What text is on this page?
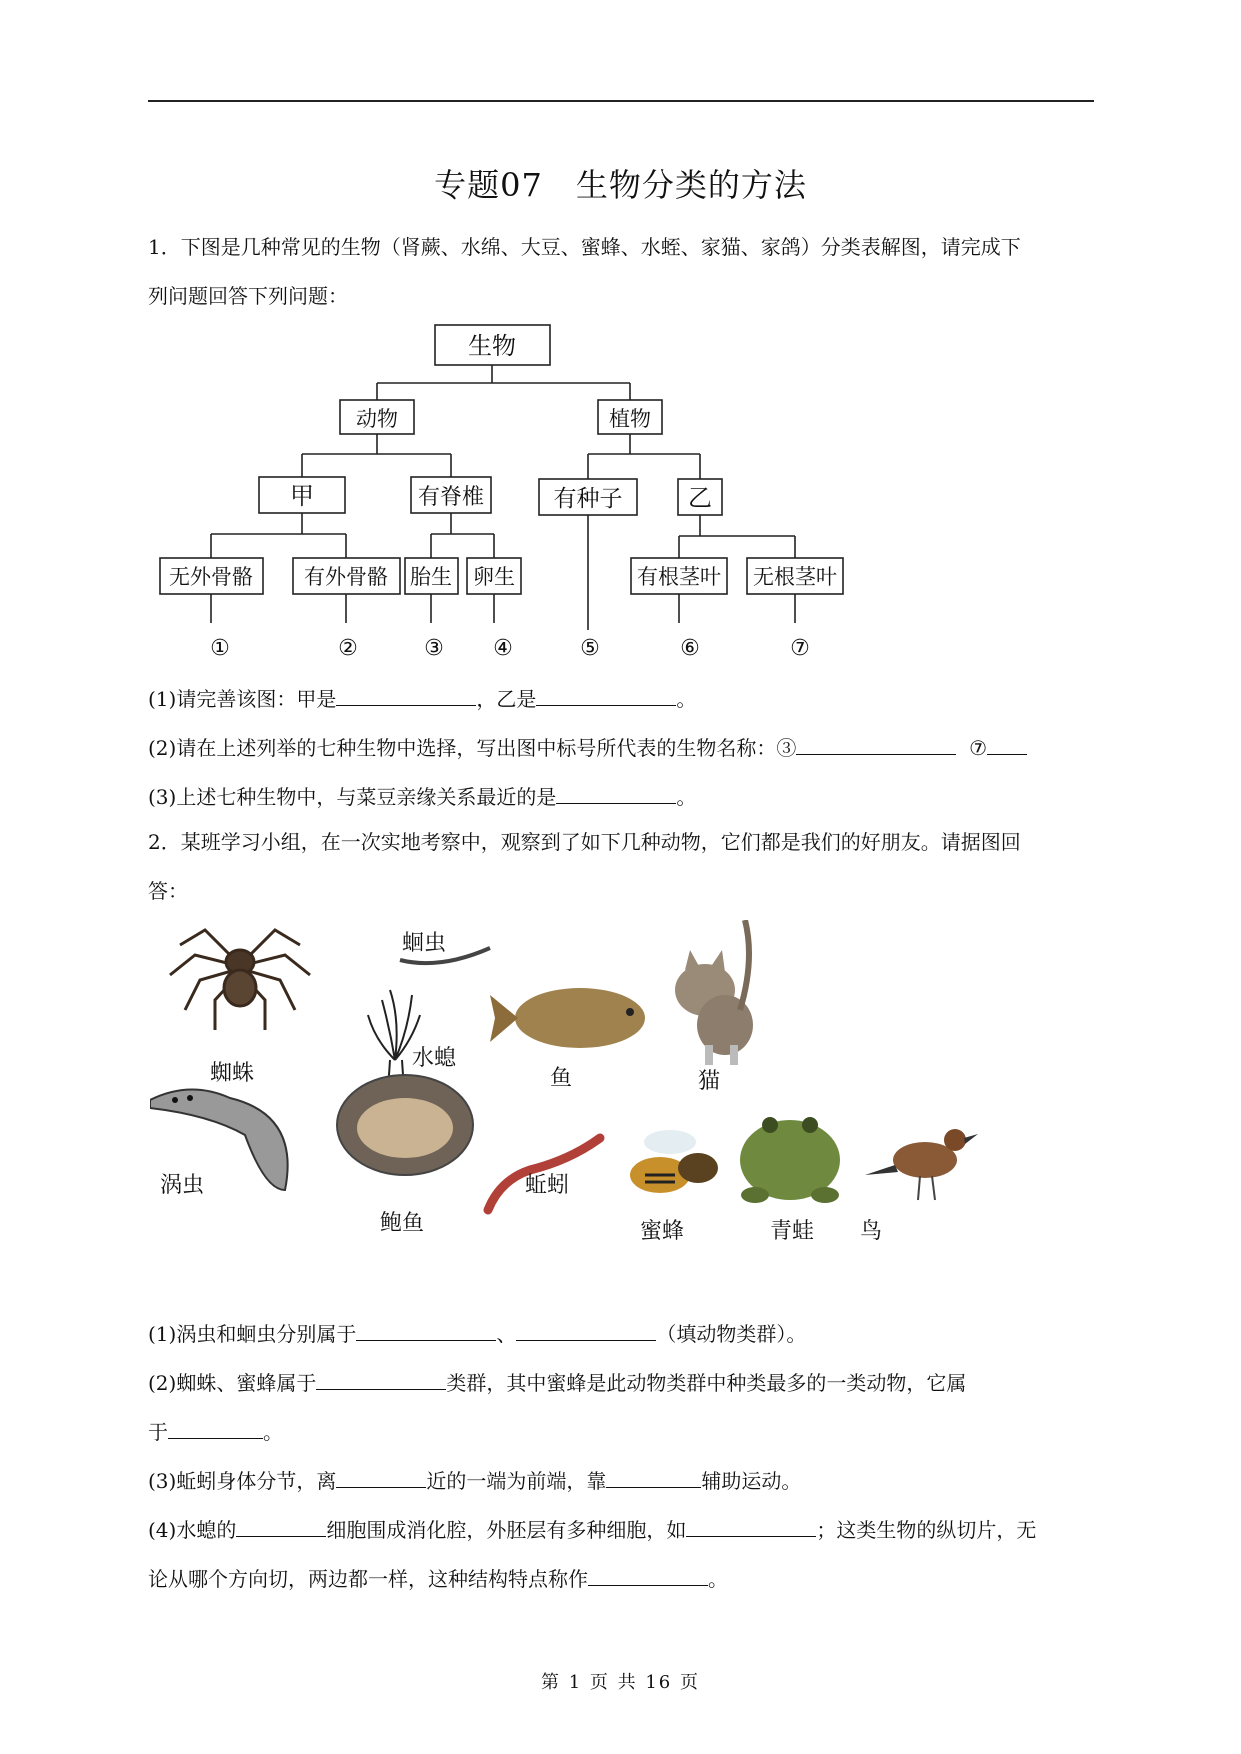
专题07　生物分类的方法
1．下图是几种常见的生物（肾蕨、水绵、大豆、蜜蜂、水蛭、家猫、家鸽）分类表解图，请完成下
列问题回答下列问题：
生物
动物	植物
甲	有脊椎	有种子	乙
无外骨骼 有外骨骼 胎生 卵生	有根茎叶 无根茎叶
①	②	③ ④	⑤	⑥	⑦
(1)请完善该图：甲是	，乙是	。
(2)请在上述列举的七种生物中选择，写出图中标号所代表的生物名称：③	⑦
(3)上述七种生物中，与菜豆亲缘关系最近的是	。
2．某班学习小组，在一次实地考察中，观察到了如下几种动物，它们都是我们的好朋友。请据图回
答：
蜘蛛
蛔虫
水螅
鱼	猫
涡虫
鲍鱼
蚯蚓
蜜蜂	青蛙 鸟
(1)涡虫和蛔虫分别属于	、	（填动物类群）。
(2)蜘蛛、蜜蜂属于	类群，其中蜜蜂是此动物类群中种类最多的一类动物，它属
于	。
(3)蚯蚓身体分节，离	近的一端为前端，靠	辅助运动。
(4)水螅的	细胞围成消化腔，外胚层有多种细胞，如	；这类生物的纵切片，无
论从哪个方向切，两边都一样，这种结构特点称作	。
第 1 页 共 16 页
